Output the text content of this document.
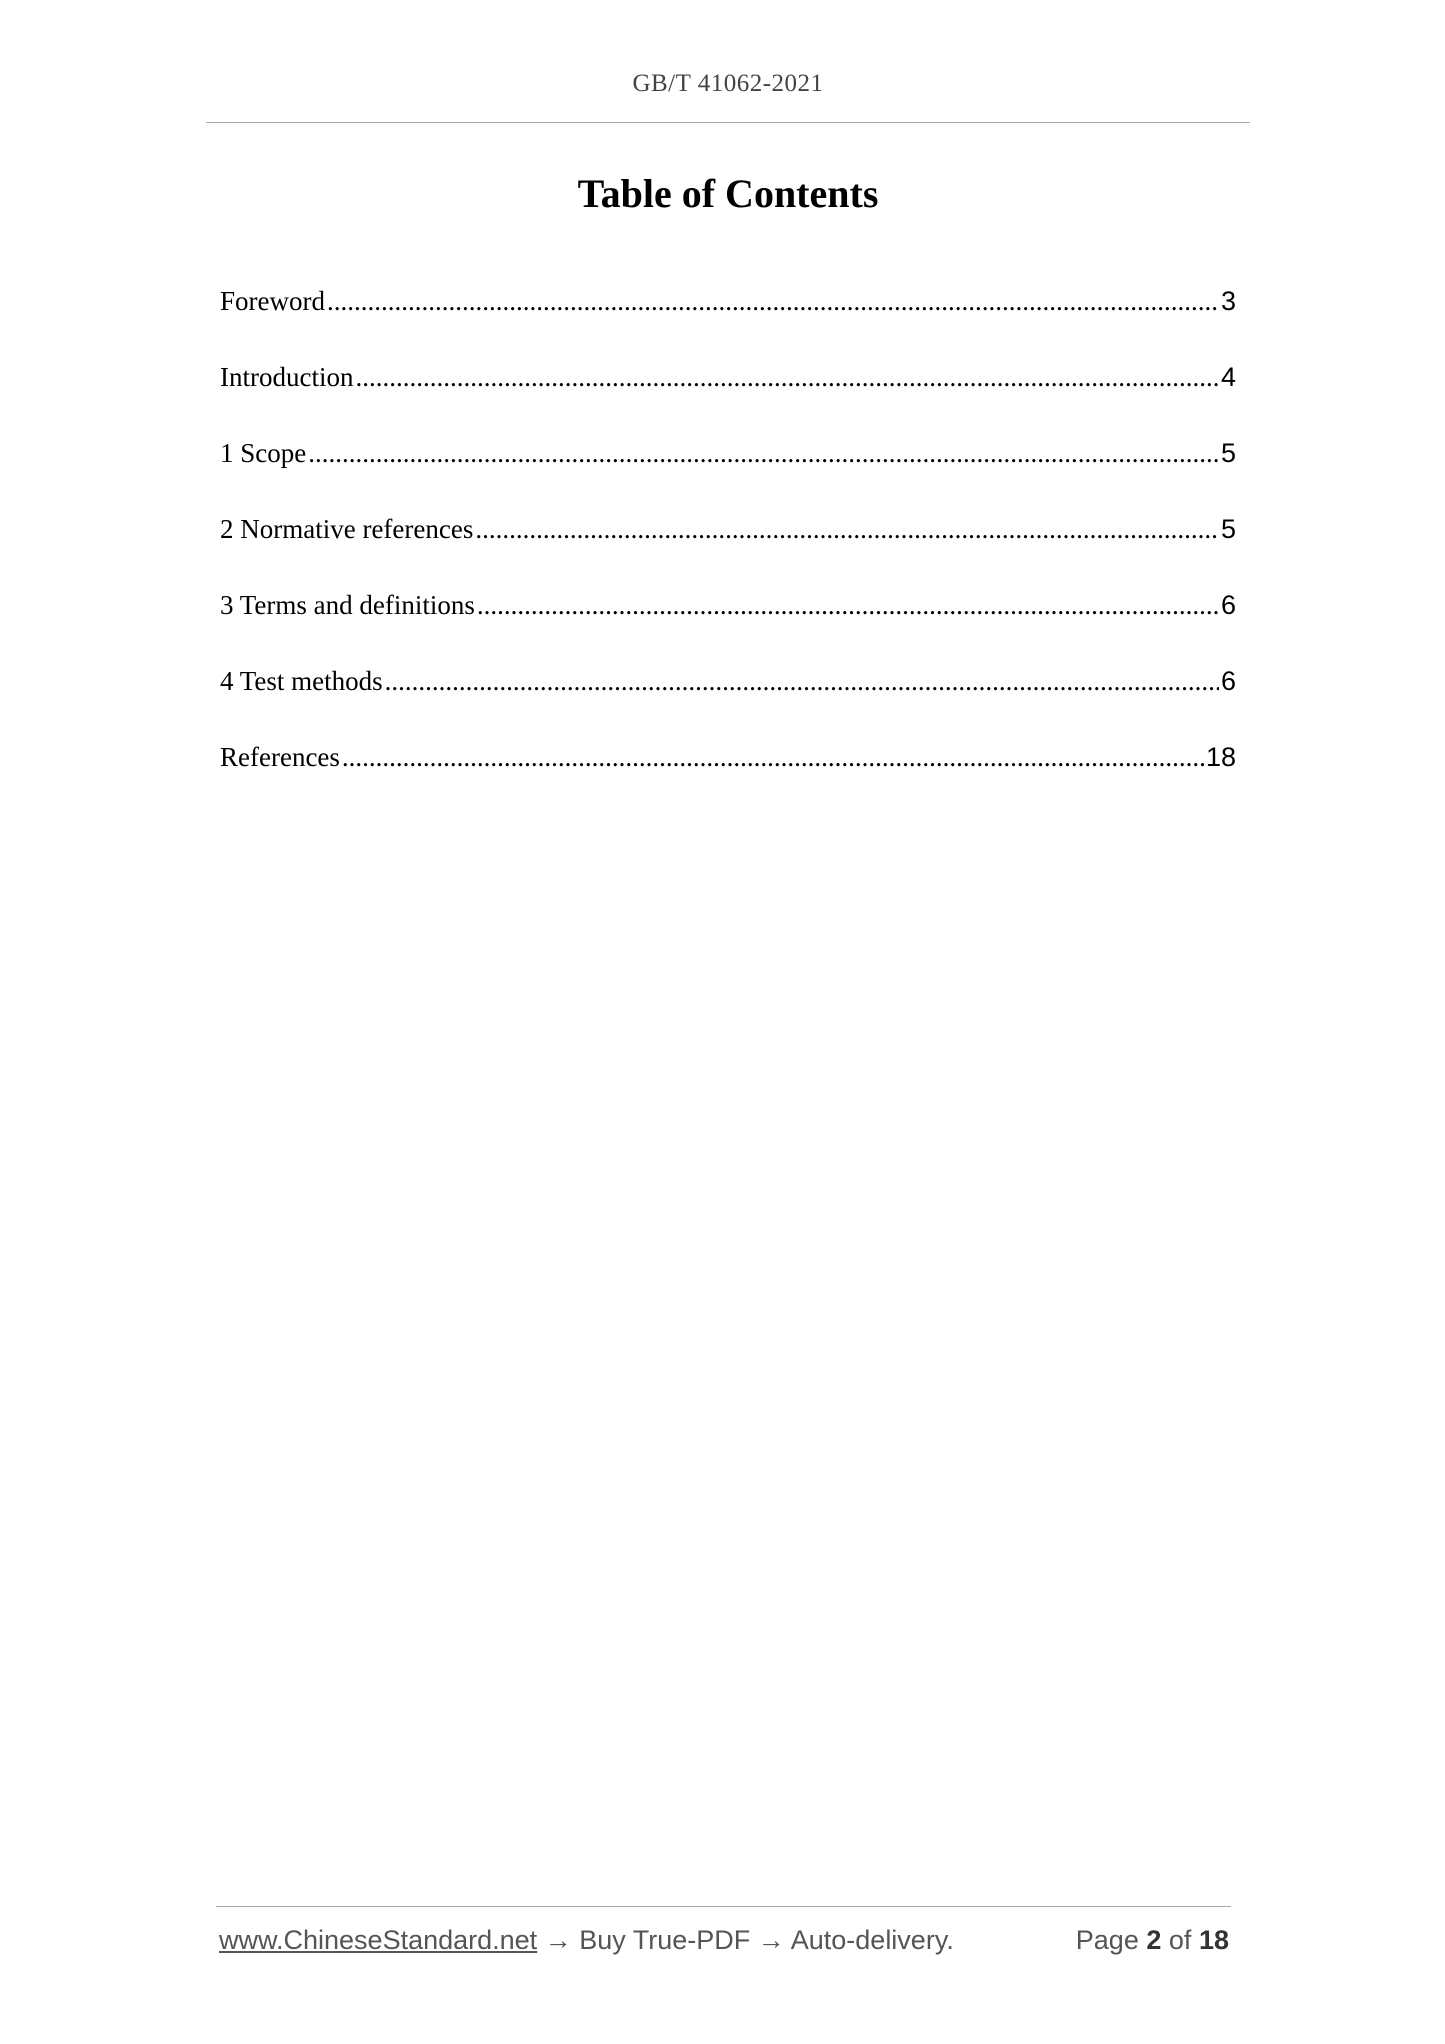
GB/T 41062-2021
Table of Contents
Foreword .....	3
Introduction .....	4
1 Scope .....	5
2 Normative references .....	5
3 Terms and definitions .....	6
4 Test methods .....	6
References .....	18
www.ChineseStandard.net → Buy True-PDF → Auto-delivery.	Page 2 of 18
